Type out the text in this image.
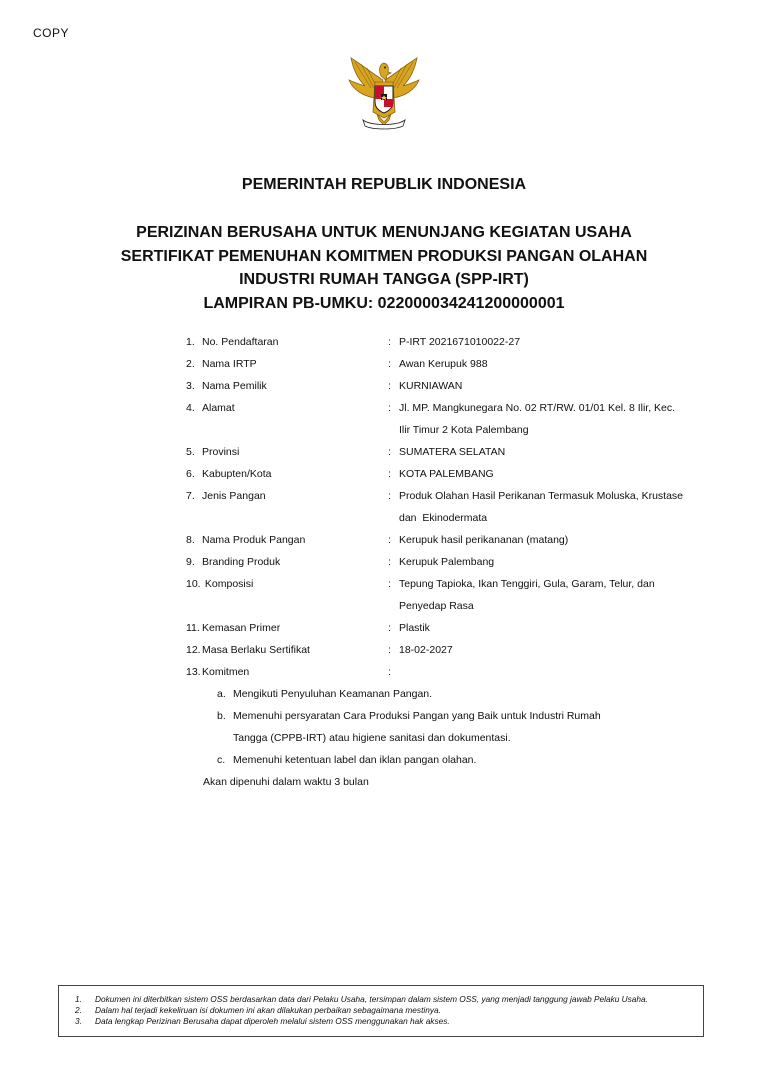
COPY
PEMERINTAH REPUBLIK INDONESIA
PERIZINAN BERUSAHA UNTUK MENUNJANG KEGIATAN USAHA
SERTIFIKAT PEMENUHAN KOMITMEN PRODUKSI PANGAN OLAHAN
INDUSTRI RUMAH TANGGA (SPP-IRT)
LAMPIRAN PB-UMKU: 022000034241200000001
1. No. Pendaftaran	: P-IRT 2021671010022-27
2. Nama IRTP	: Awan Kerupuk 988
3. Nama Pemilik	: KURNIAWAN
4. Alamat	: Jl. MP. Mangkunegara No. 02 RT/RW. 01/01 Kel. 8 Ilir, Kec.
Ilir Timur 2 Kota Palembang
5. Provinsi	: SUMATERA SELATAN
6. Kabupten/Kota	: KOTA PALEMBANG
7. Jenis Pangan	: Produk Olahan Hasil Perikanan Termasuk Moluska, Krustase
dan  Ekinodermata
8. Nama Produk Pangan	: Kerupuk hasil perikananan (matang)
9. Branding Produk	: Kerupuk Palembang
10. Komposisi	: Tepung Tapioka, Ikan Tenggiri, Gula, Garam, Telur, dan
Penyedap Rasa
11. Kemasan Primer	: Plastik
12. Masa Berlaku Sertifikat	: 18-02-2027
13. Komitmen	:
a. Mengikuti Penyuluhan Keamanan Pangan.
b. Memenuhi persyaratan Cara Produksi Pangan yang Baik untuk Industri Rumah
Tangga (CPPB-IRT) atau higiene sanitasi dan dokumentasi.
c. Memenuhi ketentuan label dan iklan pangan olahan.
Akan dipenuhi dalam waktu 3 bulan
1.	Dokumen ini diterbitkan sistem OSS berdasarkan data dari Pelaku Usaha, tersimpan dalam sistem OSS, yang menjadi tanggung jawab Pelaku Usaha.
2.	Dalam hal terjadi kekeliruan isi dokumen ini akan dilakukan perbaikan sebagaimana mestinya.
3.	Data lengkap Perizinan Berusaha dapat diperoleh melalui sistem OSS menggunakan hak akses.
